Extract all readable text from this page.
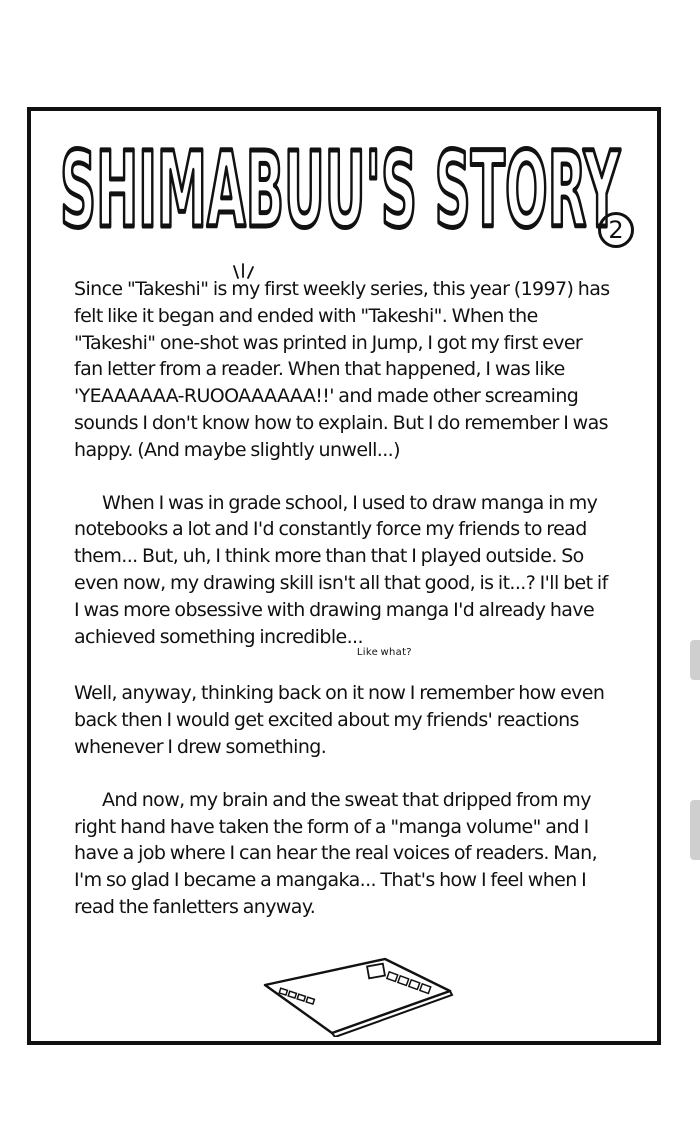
SHIMABUU'S STORY
2

Since "Takeshi" is my first weekly series, this year (1997) has felt like it began and ended with "Takeshi". When the "Takeshi" one-shot was printed in Jump, I got my first ever fan letter from a reader. When that happened, I was like 'YEAAAAAA-RUOOAAAAAA!!' and made other screaming sounds I don't know how to explain. But I do remember I was happy. (And maybe slightly unwell...)

When I was in grade school, I used to draw manga in my notebooks a lot and I'd constantly force my friends to read them... But, uh, I think more than that I played outside. So even now, my drawing skill isn't all that good, is it...? I'll bet if I was more obsessive with drawing manga I'd already have achieved something $incredible..._{Like what?}$

Well, anyway, thinking back on it now I remember how even back then I would get excited about my friends' reactions whenever I drew something.

And now, my brain and the sweat that dripped from my right hand have taken the form of a "manga volume" and I have a job where I can hear the real voices of readers. Man, I'm so glad I became a mangaka... That's how I feel when I read the fanletters anyway.
